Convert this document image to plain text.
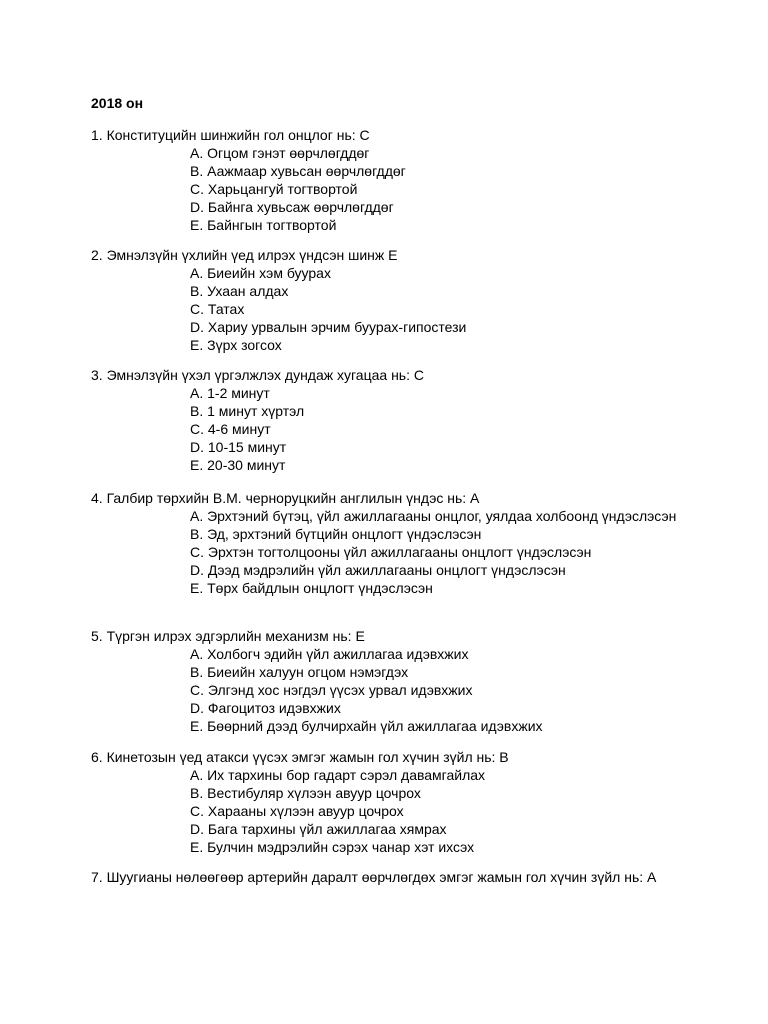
2018 он
1. Конституцийн шинжийн гол онцлог нь: C
A. Огцом гэнэт өөрчлөгддөг
B. Аажмаар хувьсан өөрчлөгддөг
C. Харьцангуй тогтвортой
D. Байнга хувьсаж өөрчлөгддөг
E. Байнгын тогтвортой
2. Эмнэлзүйн үхлийн үед илрэх үндсэн шинж E
A. Биеийн хэм буурах
B. Ухаан алдах
C. Татах
D. Хариу урвалын эрчим буурах-гипостези
E. Зүрх зогсох
3. Эмнэлзүйн үхэл үргэлжлэх дундаж хугацаа нь: C
A. 1-2 минут
B. 1 минут хүртэл
C. 4-6 минут
D. 10-15 минут
E. 20-30 минут
4. Галбир төрхийн В.М. черноруцкийн англилын үндэс нь: A
A. Эрхтэний бүтэц, үйл ажиллагааны онцлог, уялдаа холбоонд үндэслэсэн
B. Эд, эрхтэний бүтцийн онцлогт үндэслэсэн
C. Эрхтэн тогтолцооны үйл ажиллагааны онцлогт үндэслэсэн
D. Дээд мэдрэлийн үйл ажиллагааны онцлогт үндэслэсэн
E. Төрх байдлын онцлогт үндэслэсэн
5. Түргэн илрэх эдгэрлийн механизм нь: E
A. Холбогч эдийн үйл ажиллагаа идэвхжих
B. Биеийн халуун огцом нэмэгдэх
C. Элгэнд хос нэгдэл үүсэх урвал идэвхжих
D. Фагоцитоз идэвхжих
E. Бөөрний дээд булчирхайн үйл ажиллагаа идэвхжих
6. Кинетозын үед атакси үүсэх эмгэг жамын гол хүчин зүйл нь: B
A. Их тархины бор гадарт сэрэл давамгайлах
B. Вестибуляр хүлээн авуур цочрох
C. Харааны хүлээн авуур цочрох
D. Бага тархины үйл ажиллагаа хямрах
E. Булчин мэдрэлийн сэрэх чанар хэт ихсэх
7. Шуугианы нөлөөгөөр артерийн даралт өөрчлөгдөх эмгэг жамын гол хүчин зүйл нь: A
